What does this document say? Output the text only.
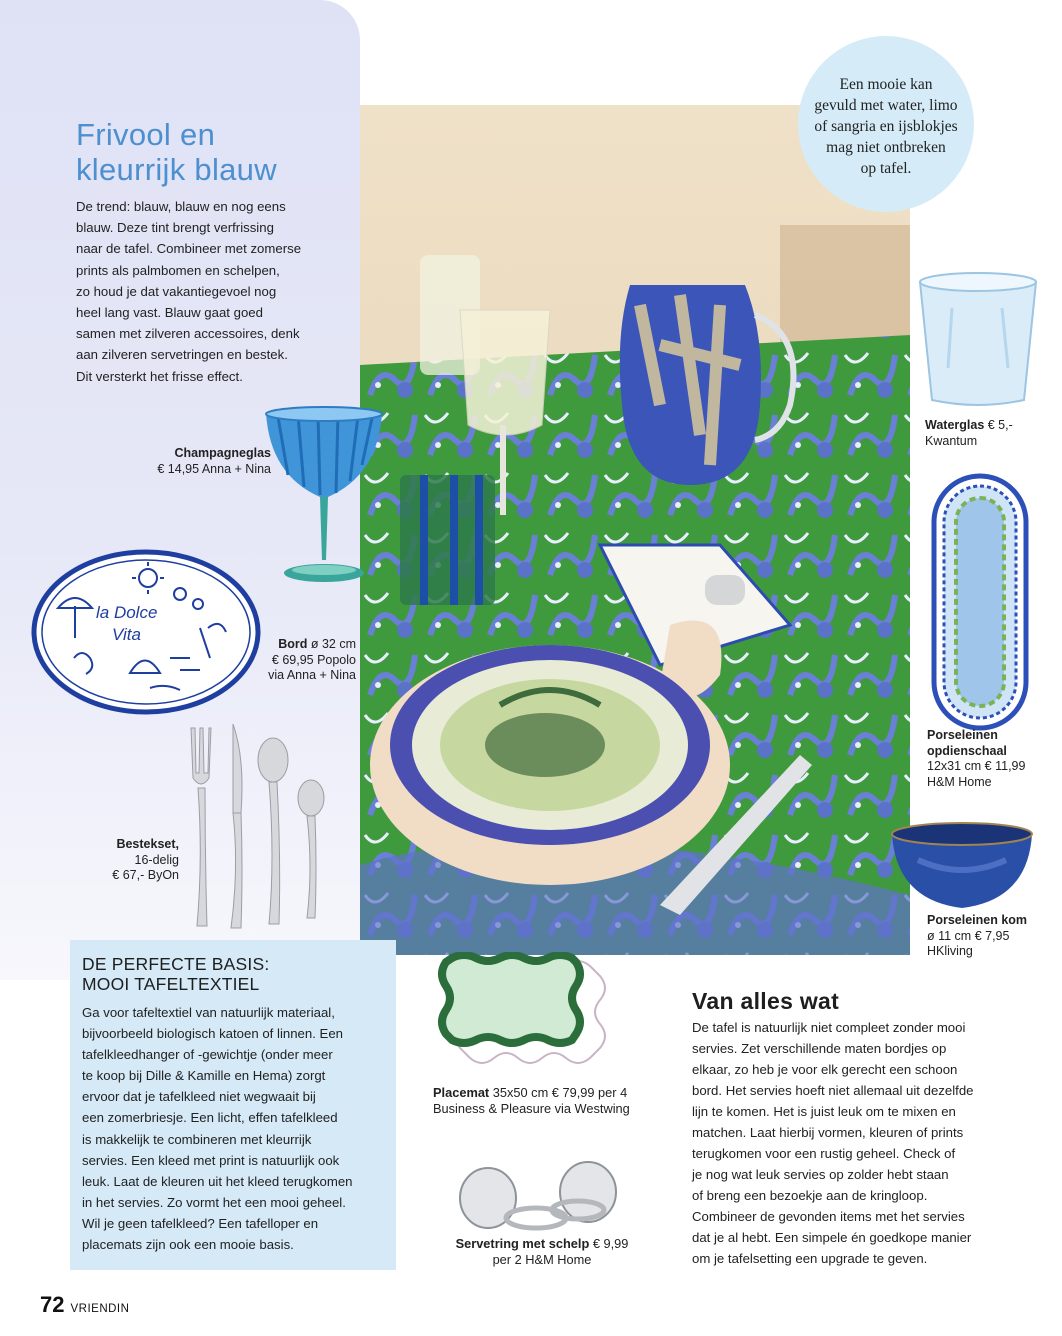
Frivool en
kleurrijk blauw
De trend: blauw, blauw en nog eens
blauw. Deze tint brengt verfrissing
naar de tafel. Combineer met zomerse
prints als palmbomen en schelpen,
zo houd je dat vakantiegevoel nog
heel lang vast. Blauw gaat goed
samen met zilveren accessoires, denk
aan zilveren servetringen en bestek.
Dit versterkt het frisse effect.
Een mooie kan
gevuld met water, limo
of sangria en ijsblokjes
mag niet ontbreken
op tafel.
Champagneglas
€ 14,95 Anna + Nina
la Dolce
Vita	Bord ø 32 cm
€ 69,95 Popolo
via Anna + Nina
Bestekset,
16-delig
€ 67,- ByOn
Waterglas € 5,-
Kwantum
Porseleinen
opdienschaal
12x31 cm € 11,99
H&M Home
Porseleinen kom
ø 11 cm € 7,95
HKliving
Placemat 35x50 cm € 79,99 per 4
Business & Pleasure via Westwing
Servetring met schelp € 9,99
per 2 H&M Home
DE PERFECTE BASIS:
MOOI TAFELTEXTIEL
Ga voor tafeltextiel van natuurlijk materiaal,
bijvoorbeeld biologisch katoen of linnen. Een
tafelkleedhanger of -gewichtje (onder meer
te koop bij Dille & Kamille en Hema) zorgt
ervoor dat je tafelkleed niet wegwaait bij
een zomerbriesje. Een licht, effen tafelkleed
is makkelijk te combineren met kleurrijk
servies. Een kleed met print is natuurlijk ook
leuk. Laat de kleuren uit het kleed terugkomen
in het servies. Zo vormt het een mooi geheel.
Wil je geen tafelkleed? Een tafelloper en
placemats zijn ook een mooie basis.
Van alles wat
De tafel is natuurlijk niet compleet zonder mooi
servies. Zet verschillende maten bordjes op
elkaar, zo heb je voor elk gerecht een schoon
bord. Het servies hoeft niet allemaal uit dezelfde
lijn te komen. Het is juist leuk om te mixen en
matchen. Laat hierbij vormen, kleuren of prints
terugkomen voor een rustig geheel. Check of
je nog wat leuk servies op zolder hebt staan
of breng een bezoekje aan de kringloop.
Combineer de gevonden items met het servies
dat je al hebt. Een simpele én goedkope manier
om je tafelsetting een upgrade te geven.
72 VRIENDIN
